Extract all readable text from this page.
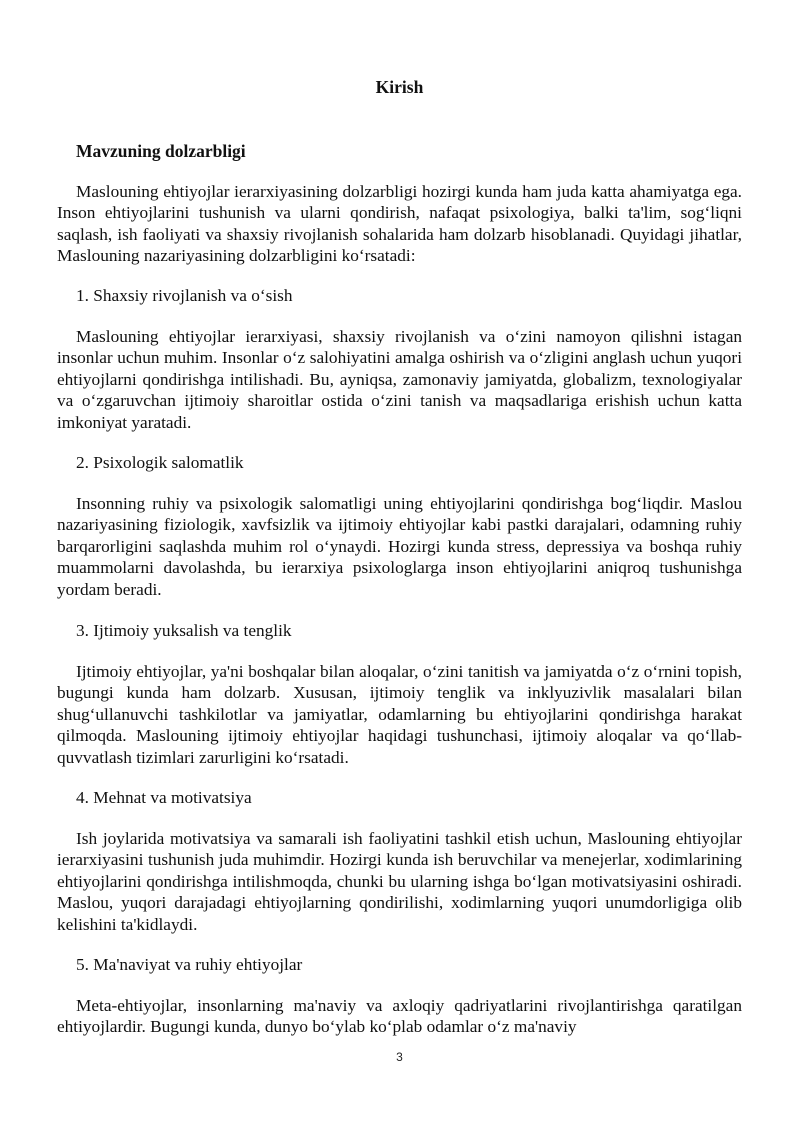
Kirish
Mavzuning dolzarbligi

Maslouning ehtiyojlar ierarxiyasining dolzarbligi hozirgi kunda ham juda katta ahamiyatga ega. Inson ehtiyojlarini tushunish va ularni qondirish, nafaqat psixologiya, balki ta'lim, sog‘liqni saqlash, ish faoliyati va shaxsiy rivojlanish sohalarida ham dolzarb hisoblanadi. Quyidagi jihatlar, Maslouning nazariyasining dolzarbligini ko‘rsatadi:

1. Shaxsiy rivojlanish va o‘sish

Maslouning ehtiyojlar ierarxiyasi, shaxsiy rivojlanish va o‘zini namoyon qilishni istagan insonlar uchun muhim. Insonlar o‘z salohiyatini amalga oshirish va o‘zligini anglash uchun yuqori ehtiyojlarni qondirishga intilishadi. Bu, ayniqsa, zamonaviy jamiyatda, globalizm, texnologiyalar va o‘zgaruvchan ijtimoiy sharoitlar ostida o‘zini tanish va maqsadlariga erishish uchun katta imkoniyat yaratadi.

2. Psixologik salomatlik

Insonning ruhiy va psixologik salomatligi uning ehtiyojlarini qondirishga bog‘liqdir. Maslou nazariyasining fiziologik, xavfsizlik va ijtimoiy ehtiyojlar kabi pastki darajalari, odamning ruhiy barqarorligini saqlashda muhim rol o‘ynaydi. Hozirgi kunda stress, depressiya va boshqa ruhiy muammolarni davolashda, bu ierarxiya psixologlarga inson ehtiyojlarini aniqroq tushunishga yordam beradi.

3. Ijtimoiy yuksalish va tenglik

Ijtimoiy ehtiyojlar, ya'ni boshqalar bilan aloqalar, o‘zini tanitish va jamiyatda o‘z o‘rnini topish, bugungi kunda ham dolzarb. Xususan, ijtimoiy tenglik va inklyuzivlik masalalari bilan shug‘ullanuvchi tashkilotlar va jamiyatlar, odamlarning bu ehtiyojlarini qondirishga harakat qilmoqda. Maslouning ijtimoiy ehtiyojlar haqidagi tushunchasi, ijtimoiy aloqalar va qo‘llab-quvvatlash tizimlari zarurligini ko‘rsatadi.

4. Mehnat va motivatsiya

Ish joylarida motivatsiya va samarali ish faoliyatini tashkil etish uchun, Maslouning ehtiyojlar ierarxiyasini tushunish juda muhimdir. Hozirgi kunda ish beruvchilar va menejerlar, xodimlarining ehtiyojlarini qondirishga intilishmoqda, chunki bu ularning ishga bo‘lgan motivatsiyasini oshiradi. Maslou, yuqori darajadagi ehtiyojlarning qondirilishi, xodimlarning yuqori unumdorligiga olib kelishini ta'kidlaydi.

5. Ma'naviyat va ruhiy ehtiyojlar

Meta-ehtiyojlar, insonlarning ma'naviy va axloqiy qadriyatlarini rivojlantirishga qaratilgan ehtiyojlardir. Bugungi kunda, dunyo bo‘ylab ko‘plab odamlar o‘z ma'naviy

3
